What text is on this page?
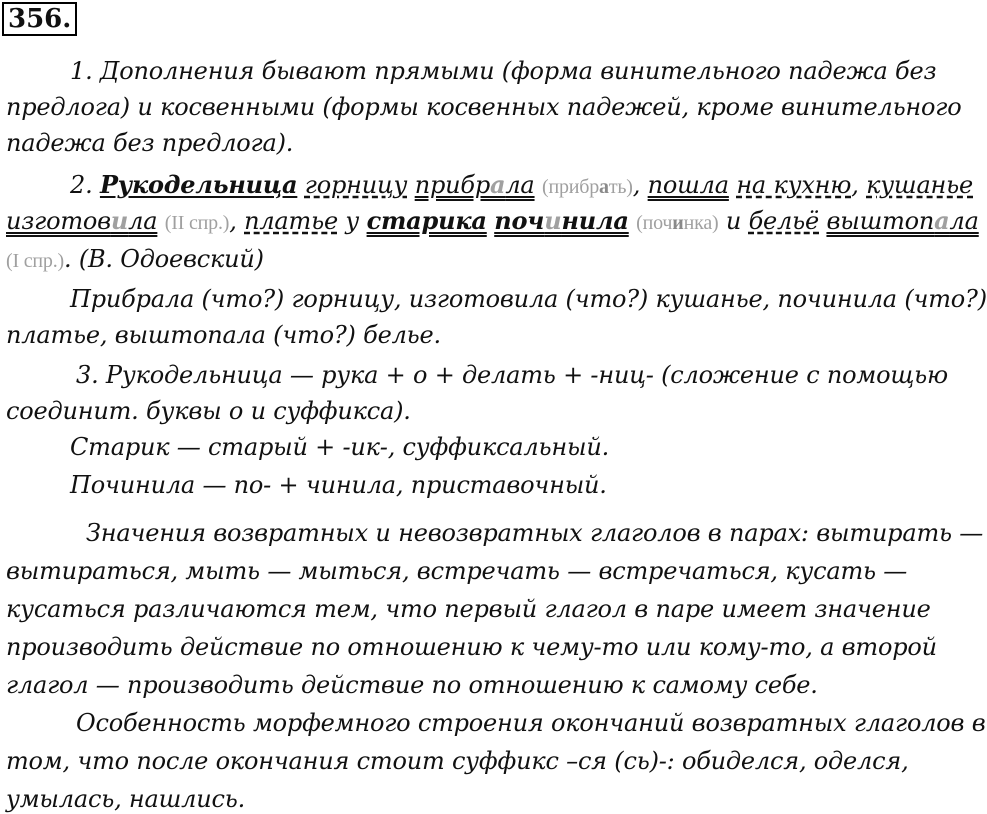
356.
1. Дополнения бывают прямыми (форма винительного падежа без
предлога) и косвенными (формы косвенных падежей, кроме винительного
падежа без предлога).
2. Рукодельница горницу прибрала (прибрать), пошла на кухню, кушанье
изготовила (II спр.), платье у старика починила (починка) и бельё выштопала
(I спр.). (В. Одоевский)
Прибрала (что?) горницу, изготовила (что?) кушанье, починила (что?)
платье, выштопала (что?) белье.
3. Рукодельница — рука + о + делать + -ниц- (сложение с помощью
соединит. буквы о и суффикса).
Старик — старый + -ик-, суффиксальный.
Починила — по- + чинила, приставочный.
Значения возвратных и невозвратных глаголов в парах: вытирать —
вытираться, мыть — мыться, встречать — встречаться, кусать —
кусаться различаются тем, что первый глагол в паре имеет значение
производить действие по отношению к чему-то или кому-то, а второй
глагол — производить действие по отношению к самому себе.
Особенность морфемного строения окончаний возвратных глаголов в
том, что после окончания стоит суффикс –ся (сь)-: обиделся, оделся,
умылась, нашлись.
